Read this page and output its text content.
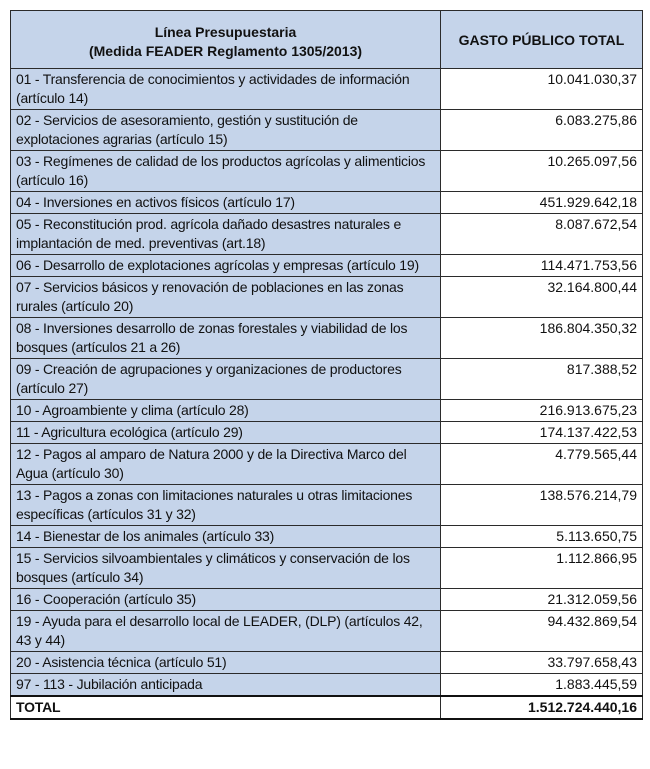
Línea Presupuestaria
(Medida FEADER Reglamento 1305/2013)	GASTO PÚBLICO TOTAL
01 - Transferencia de conocimientos y actividades de información (artículo 14)	10.041.030,37
02 - Servicios de asesoramiento, gestión y sustitución de explotaciones agrarias (artículo 15)	6.083.275,86
03 - Regímenes de calidad de los productos agrícolas y alimenticios (artículo 16)	10.265.097,56
04 - Inversiones en activos físicos (artículo 17)	451.929.642,18
05 - Reconstitución prod. agrícola dañado desastres naturales e implantación de med. preventivas (art.18)	8.087.672,54
06 - Desarrollo de explotaciones agrícolas y empresas (artículo 19)	114.471.753,56
07 - Servicios básicos y renovación de poblaciones en las zonas rurales (artículo 20)	32.164.800,44
08 - Inversiones desarrollo de zonas forestales y viabilidad de los bosques (artículos 21 a 26)	186.804.350,32
09 - Creación de agrupaciones y organizaciones de productores (artículo 27)	817.388,52
10 - Agroambiente y clima (artículo 28)	216.913.675,23
11 - Agricultura ecológica (artículo 29)	174.137.422,53
12 - Pagos al amparo de Natura 2000 y de la Directiva Marco del Agua (artículo 30)	4.779.565,44
13 - Pagos a zonas con limitaciones naturales u otras limitaciones específicas (artículos 31 y 32)	138.576.214,79
14 - Bienestar de los animales (artículo 33)	5.113.650,75
15 - Servicios silvoambientales y climáticos y conservación de los bosques (artículo 34)	1.112.866,95
16 - Cooperación (artículo 35)	21.312.059,56
19 - Ayuda para el desarrollo local de LEADER, (DLP) (artículos 42, 43 y 44)	94.432.869,54
20 - Asistencia técnica (artículo 51)	33.797.658,43
97 - 113 - Jubilación anticipada	1.883.445,59
TOTAL	1.512.724.440,16
